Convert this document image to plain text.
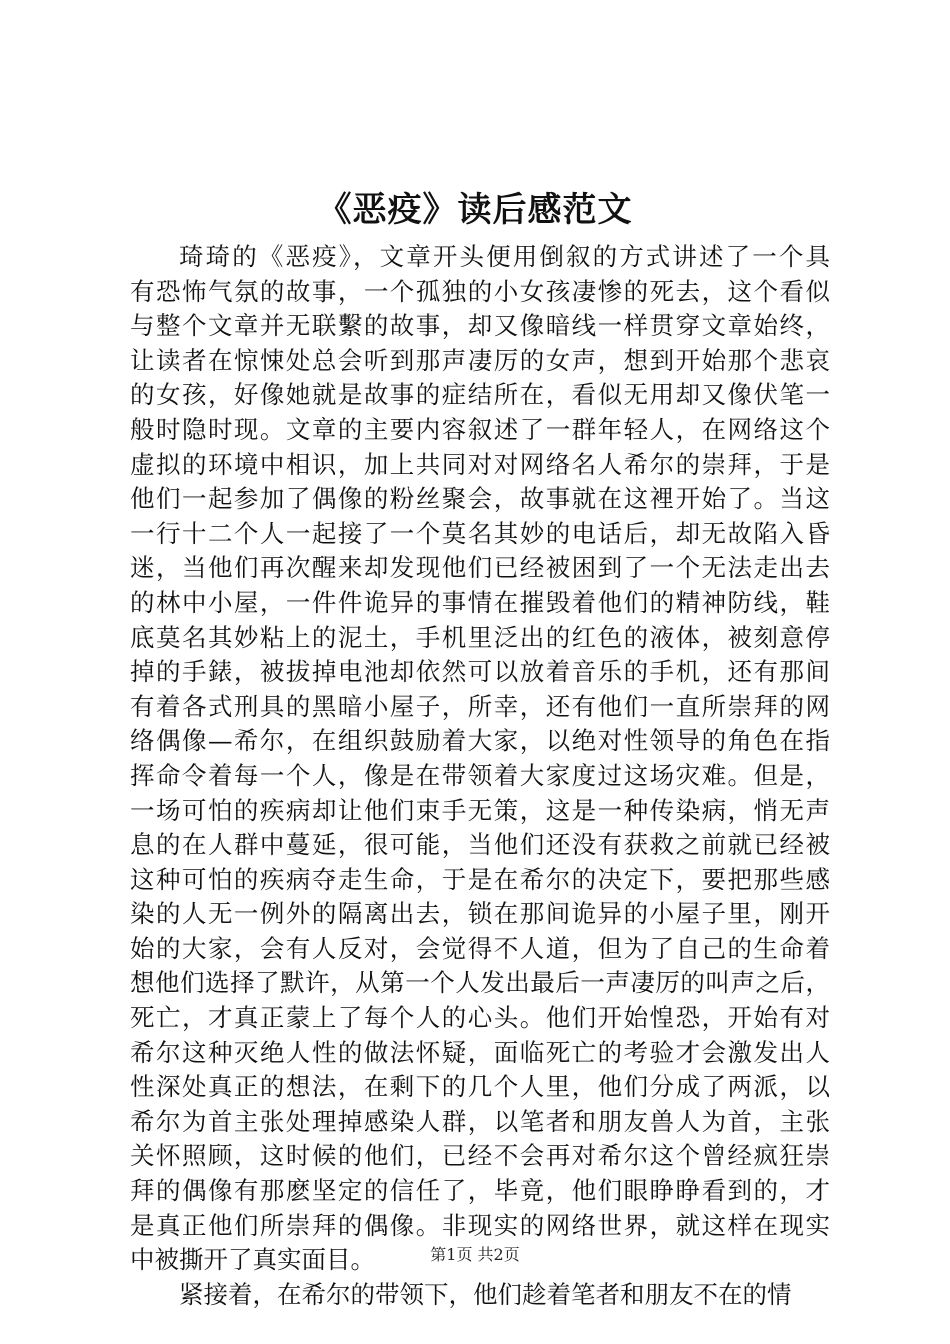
《恶疫》读后感范文
琦琦的《恶疫》，文章开头便用倒叙的方式讲述了一个具
有恐怖气氛的故事，一个孤独的小女孩凄惨的死去，这个看似
与整个文章并无联繫的故事，却又像暗线一样贯穿文章始终，
让读者在惊悚处总会听到那声凄厉的女声，想到开始那个悲哀
的女孩，好像她就是故事的症结所在，看似无用却又像伏笔一
般时隐时现。文章的主要内容叙述了一群年轻人，在网络这个
虚拟的环境中相识，加上共同对对网络名人希尔的崇拜，于是
他们一起参加了偶像的粉丝聚会，故事就在这裡开始了。当这
一行十二个人一起接了一个莫名其妙的电话后，却无故陷入昏
迷，当他们再次醒来却发现他们已经被困到了一个无法走出去
的林中小屋，一件件诡异的事情在摧毁着他们的精神防线，鞋
底莫名其妙粘上的泥土，手机里泛出的红色的液体，被刻意停
掉的手錶，被拔掉电池却依然可以放着音乐的手机，还有那间
有着各式刑具的黑暗小屋子，所幸，还有他们一直所崇拜的网
络偶像—希尔，在组织鼓励着大家，以绝对性领导的角色在指
挥命令着每一个人，像是在带领着大家度过这场灾难。但是，
一场可怕的疾病却让他们束手无策，这是一种传染病，悄无声
息的在人群中蔓延，很可能，当他们还没有获救之前就已经被
这种可怕的疾病夺走生命，于是在希尔的决定下，要把那些感
染的人无一例外的隔离出去，锁在那间诡异的小屋子里，刚开
始的大家，会有人反对，会觉得不人道，但为了自己的生命着
想他们选择了默许，从第一个人发出最后一声凄厉的叫声之后，
死亡，才真正蒙上了每个人的心头。他们开始惶恐，开始有对
希尔这种灭绝人性的做法怀疑，面临死亡的考验才会激发出人
性深处真正的想法，在剩下的几个人里，他们分成了两派，以
希尔为首主张处理掉感染人群，以笔者和朋友兽人为首，主张
关怀照顾，这时候的他们，已经不会再对希尔这个曾经疯狂崇
拜的偶像有那麽坚定的信任了，毕竟，他们眼睁睁看到的，才
是真正他们所崇拜的偶像。非现实的网络世界，就这样在现实
中被撕开了真实面目。
紧接着，在希尔的带领下，他们趁着笔者和朋友不在的情
第1页 共2页
